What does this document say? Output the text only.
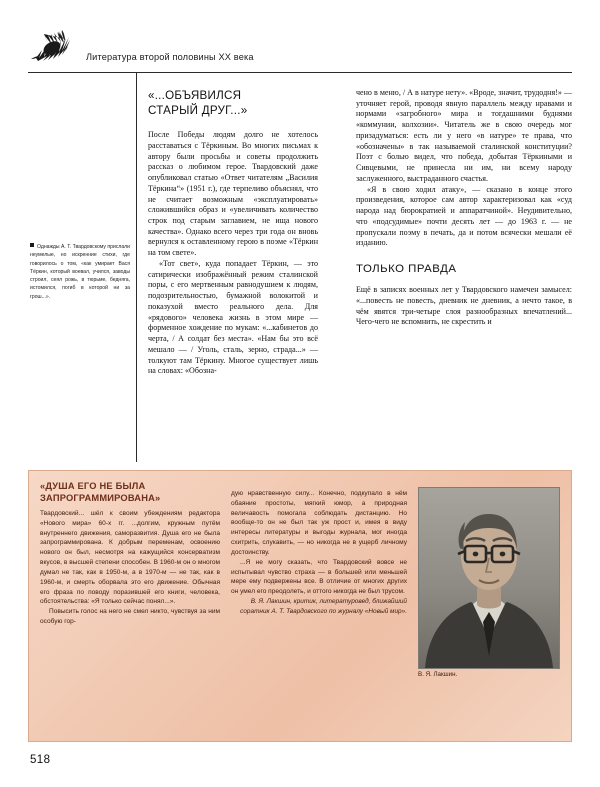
Литература второй половины XX века
Однажды А. Т. Твардовскому прислали неумелые, но искренние стихи, где говорилось о том, «как умирает Вася Тёркин, который воевал, учился, заводы строил, сеял рожь, в тюрьме, бедняга, истомился, погиб в которой ни за грош...».
«...ОБЪЯВИЛСЯ
СТАРЫЙ ДРУГ...»

После Победы людям долго не хотелось расставаться с Тёркиным. Во многих письмах к автору были просьбы и советы продолжить рассказ о любимом герое. Твардовский даже опубликовал статью «Ответ читателям „Василия Тёркина“» (1951 г.), где терпеливо объяснял, что не считает возможным «эксплуатировать» сложившийся образ и «увеличивать количество строк под старым заглавием, не ища нового качества». Однако всего через три года он вновь вернулся к оставленному герою в поэме «Тёркин на том свете».

«Тот свет», куда попадает Тёркин, — это сатирически изображённый режим сталинской поры, с его мертвенным равнодушием к людям, подозрительностью, бумажной волокитой и показухой вместо реального дела. Для «рядового» человека жизнь в этом мире — форменное хождение по мукам: «...кабинетов до черта, / А солдат без места». «Нам бы это всё мешало — / Уголь, сталь, зерно, страда...» — толкуют там Тёркину. Многое существует лишь на словах: «Обозна-

чено в меню, / А в натуре нету». «Вроде, значит, трудодня!» — уточняет герой, проводя явную параллель между нравами и нормами «загробного» мира и тогдашними буднями «коммунии, колхозии». Читатель же в свою очередь мог призадуматься: есть ли у него «в натуре» те права, что «обозначены» в так называемой сталинской конституции? Поэт с болью видел, что победа, добытая Тёркиными и Сивцевыми, не принесла ни им, ни всему народу заслуженного, выстраданного счастья.

«Я в свою ходил атаку», — сказано в конце этого произведения, которое сам автор характеризовал как «суд народа над бюрократией и аппаратчиной». Неудивительно, что «подсудимые» почти десять лет — до 1963 г. — не пропускали поэму в печать, да и потом всячески мешали её изданию.

ТОЛЬКО ПРАВДА

Ещё в записях военных лет у Твардовского намечен замысел: «...повесть не повесть, дневник не дневник, а нечто такое, в чём явятся три-четыре слоя разнообразных впечатлений... Чего-чего не вспомнить, не скрестить и

«ДУША ЕГО НЕ БЫЛА
ЗАПРОГРАММИРОВАНА»

Твардовский... шёл к своим убеждениям редактора «Нового мира» 60-х гг. ...долгим, кружным путём внутреннего движения, саморазвития. Душа его не была запрограммирована. К добрым переменам, освоению нового он был, несмотря на кажущийся консерватизм вкусов, в высшей степени способен. В 1960-м он о многом думал не так, как в 1950-м, а в 1970-м — не так, как в 1960-м, и смерть оборвала это его движение. Обычная его фраза по поводу поразившей его книги, человека, обстоятельства: «Я только сейчас понял...».

Повысить голос на него не смел никто, чувствуя за ним особую гор-

дую нравственную силу... Конечно, подкупало в нём обаяние простоты, мягкий юмор, а природная величавость помогала соблюдать дистанцию. Но вообще-то он не был так уж прост и, имея в виду интересы литературы и выгоды журнала, мог иногда схитрить, слукавить, — но никогда не в ущерб личному достоинству.

...Я не могу сказать, что Твардовский вовсе не испытывал чувство страха — в большей или меньшей мере ему подвержены все. В отличие от многих других он умел его преодолеть, и оттого никогда не был трусом.

В. Я. Лакшин, критик, литературовед, ближайший соратник А. Т. Твардовского по журналу «Новый мир».

В. Я. Лакшин.
518
